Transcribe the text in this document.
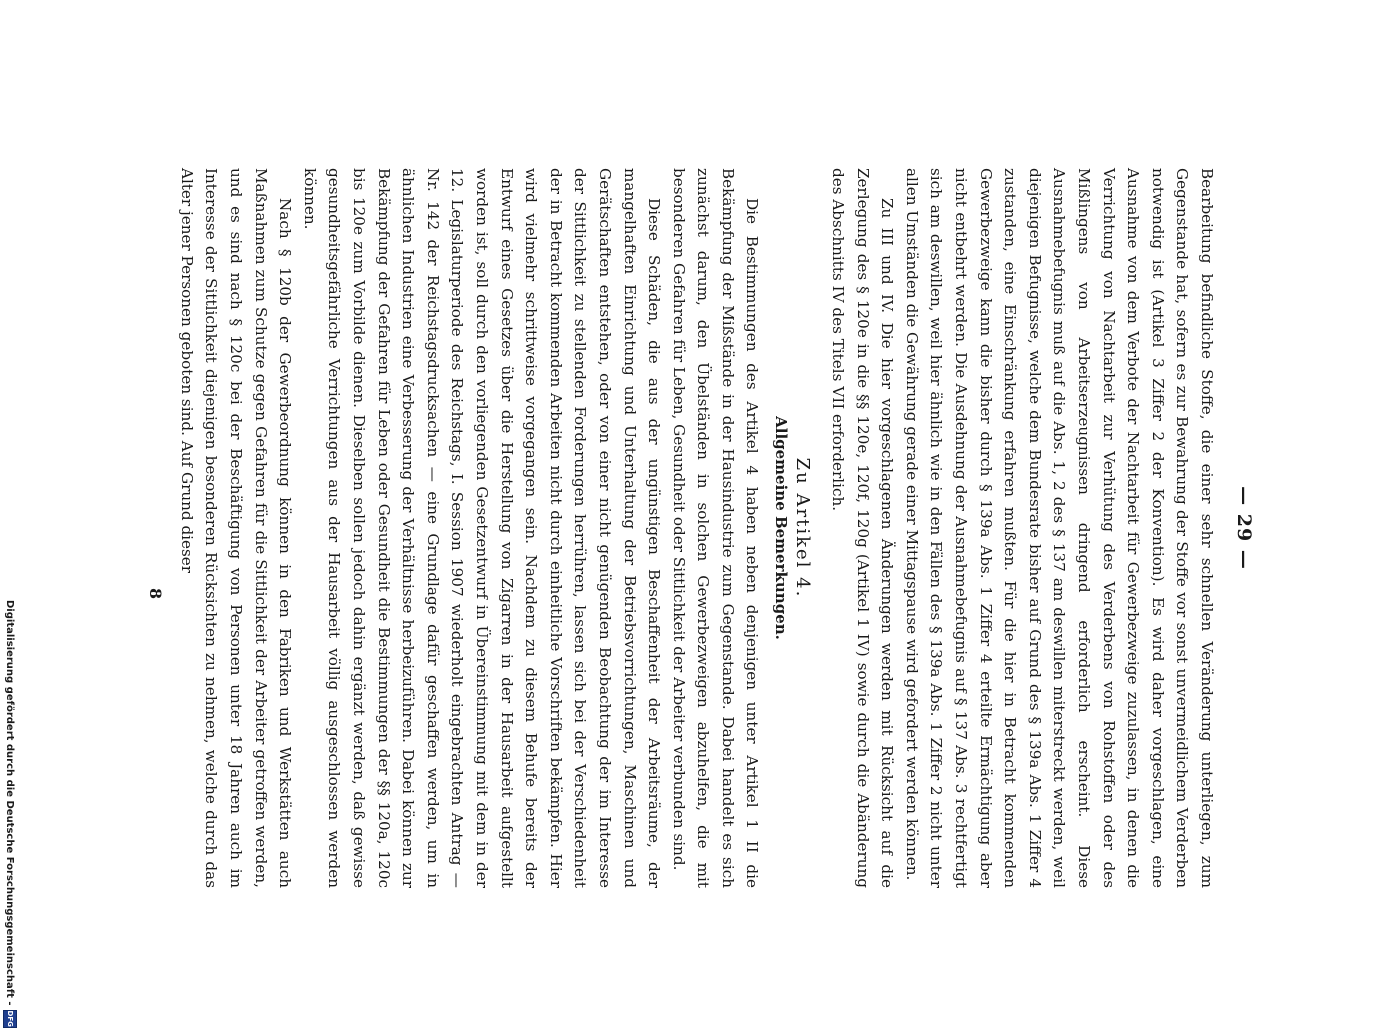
— 29 —

Bearbeitung befindliche Stoffe, die einer sehr schnellen Veränderung unterliegen, zum Gegenstande hat, sofern es zur Bewahrung der Stoffe vor sonst unvermeidlichem Verderben notwendig ist (Artikel 3 Ziffer 2 der Konvention). Es wird daher vorgeschlagen, eine Ausnahme von dem Verbote der Nachtarbeit für Gewerbezweige zuzulassen, in denen die Verrichtung von Nachtarbeit zur Verhütung des Verderbens von Rohstoffen oder des Mißlingens von Arbeitserzeugnissen dringend erforderlich erscheint. Diese Ausnahmebefugnis muß auf die Abs. 1, 2 des § 137 am deswillen miterstreckt werden, weil diejenigen Befugnisse, welche dem Bundesrate bisher auf Grund des § 139a Abs. 1 Ziffer 4 zustanden, eine Einschränkung erfahren mußten. Für die hier in Betracht kommenden Gewerbezweige kann die bisher durch § 139a Abs. 1 Ziffer 4 erteilte Ermächtigung aber nicht entbehrt werden. Die Ausdehnung der Ausnahmebefugnis auf § 137 Abs. 3 rechtfertigt sich am deswillen, weil hier ähnlich wie in den Fällen des § 139a Abs. 1 Ziffer 2 nicht unter allen Umständen die Gewährung gerade einer Mittagspause wird gefordert werden können.

Zu III und IV. Die hier vorgeschlagenen Änderungen werden mit Rücksicht auf die Zerlegung des § 120e in die §§ 120e, 120f, 120g (Artikel 1 IV) sowie durch die Abänderung des Abschnitts IV des Titels VII erforderlich.

Zu Artikel 4.
Allgemeine Bemerkungen.

Die Bestimmungen des Artikel 4 haben neben denjenigen unter Artikel 1 II die Bekämpfung der Mißstände in der Hausindustrie zum Gegenstande. Dabei handelt es sich zunächst darum, den Übelständen in solchen Gewerbezweigen abzuhelfen, die mit besonderen Gefahren für Leben, Gesundheit oder Sittlichkeit der Arbeiter verbunden sind.

Diese Schäden, die aus der ungünstigen Beschaffenheit der Arbeitsräume, der mangelhaften Einrichtung und Unterhaltung der Betriebsvorrichtungen, Maschinen und Gerätschaften entstehen, oder von einer nicht genügenden Beobachtung der im Interesse der Sittlichkeit zu stellenden Forderungen herrühren, lassen sich bei der Verschiedenheit der in Betracht kommenden Arbeiten nicht durch einheitliche Vorschriften bekämpfen. Hier wird vielmehr schrittweise vorgegangen sein. Nachdem zu diesem Behufe bereits der Entwurf eines Gesetzes über die Herstellung von Zigarren in der Hausarbeit aufgestellt worden ist, soll durch den vorliegenden Gesetzentwurf in Übereinstimmung mit dem in der 12. Legislaturperiode des Reichstags, I. Session 1907 wiederholt eingebrachten Antrag — Nr. 142 der Reichstagsdrucksachen — eine Grundlage dafür geschaffen werden, um in ähnlichen Industrien eine Verbesserung der Verhältnisse herbeizuführen. Dabei können zur Bekämpfung der Gefahren für Leben oder Gesundheit die Bestimmungen der §§ 120a, 120c bis 120e zum Vorbilde dienen. Dieselben sollen jedoch dahin ergänzt werden, daß gewisse gesundheitsgefährliche Verrichtungen aus der Hausarbeit völlig ausgeschlossen werden können.

Nach § 120b der Gewerbeordnung können in den Fabriken und Werkstätten auch Maßnahmen zum Schutze gegen Gefahren für die Sittlichkeit der Arbeiter getroffen werden, und es sind nach § 120c bei der Beschäftigung von Personen unter 18 Jahren auch im Interesse der Sittlichkeit diejenigen besonderen Rücksichten zu nehmen, welche durch das Alter jener Personen geboten sind. Auf Grund dieser

8
Digitalisierung gefördert durch die Deutsche Forschungsgemeinschaft -
DFG
